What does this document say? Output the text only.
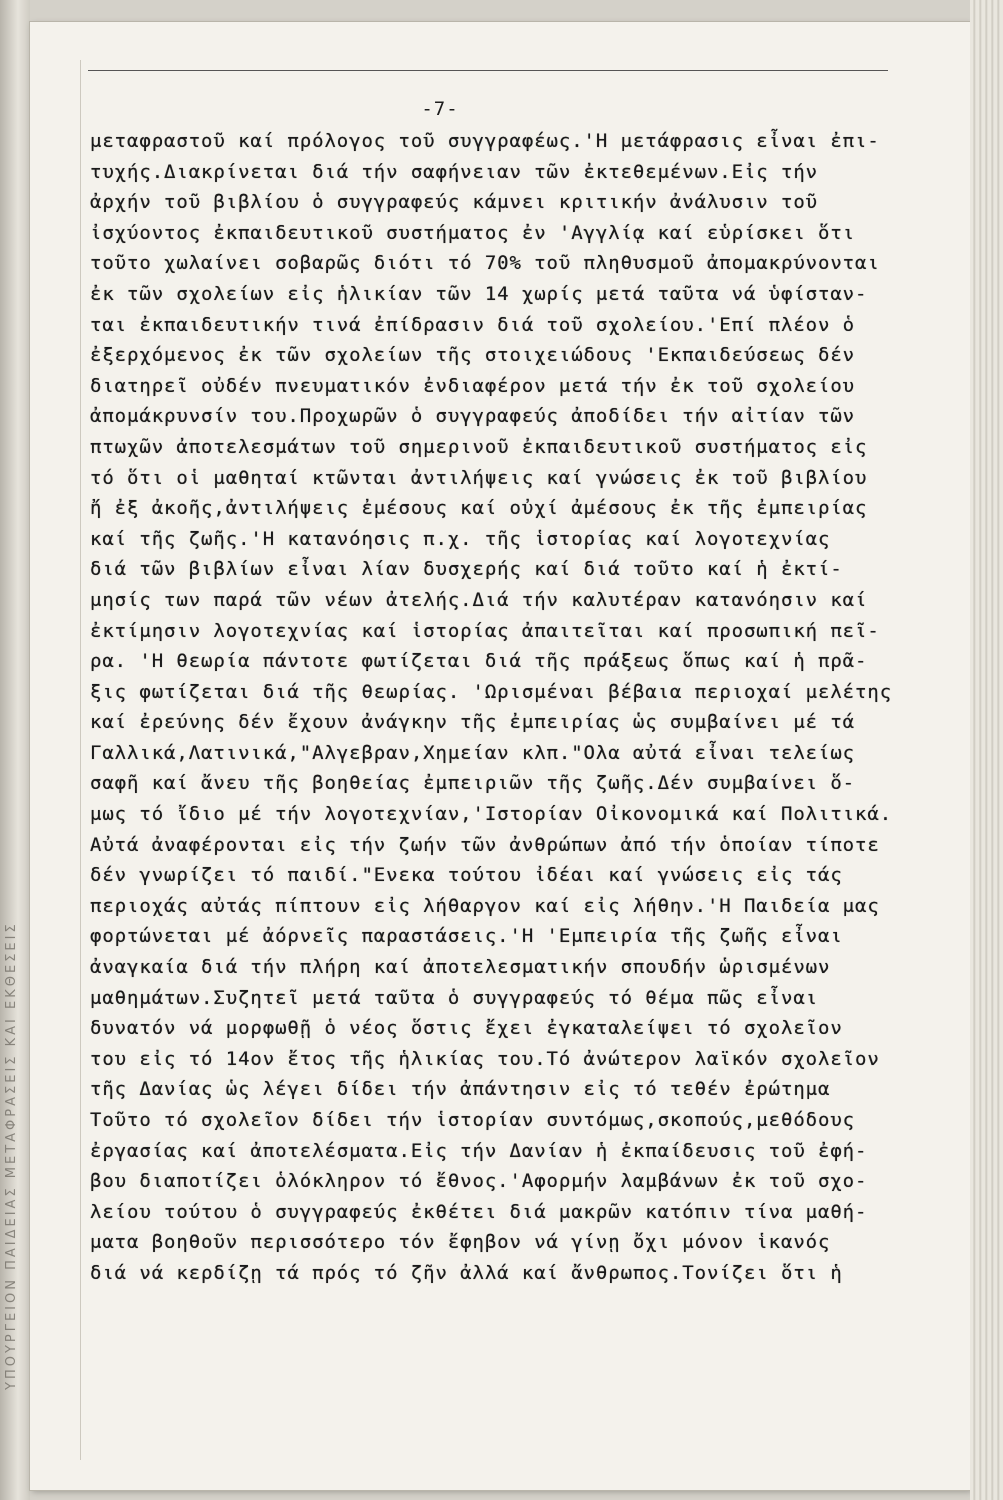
ΥΠΟΥΡΓΕΙΟΝ ΠΑΙΔΕΙΑΣ ΜΕΤΑΦΡΑΣΕΙΣ ΚΑΙ ΕΚΘΕΣΕΙΣ
-7-
μεταφραστοῦ καί πρόλογος τοῦ συγγραφέως.'Η μετάφρασις εἶναι ἐπι-
τυχής.Διακρίνεται διά τήν σαφήνειαν τῶν ἐκτεθεμένων.Εἰς τήν
ἀρχήν τοῦ βιβλίου ὁ συγγραφεύς κάμνει κριτικήν ἀνάλυσιν τοῦ
ἰσχύοντος ἐκπαιδευτικοῦ συστήματος ἐν 'Αγγλίᾳ καί εὑρίσκει ὅτι
τοῦτο χωλαίνει σοβαρῶς διότι τό 70% τοῦ πληθυσμοῦ ἀπομακρύνονται
ἐκ τῶν σχολείων εἰς ἡλικίαν τῶν 14 χωρίς μετά ταῦτα νά ὑφίσταν-
ται ἐκπαιδευτικήν τινά ἐπίδρασιν διά τοῦ σχολείου.'Επί πλέον ὁ
ἐξερχόμενος ἐκ τῶν σχολείων τῆς στοιχειώδους 'Εκπαιδεύσεως δέν
διατηρεῖ οὐδέν πνευματικόν ἐνδιαφέρον μετά τήν ἐκ τοῦ σχολείου
ἀπομάκρυνσίν του.Προχωρῶν ὁ συγγραφεύς ἀποδίδει τήν αἰτίαν τῶν
πτωχῶν ἀποτελεσμάτων τοῦ σημερινοῦ ἐκπαιδευτικοῦ συστήματος εἰς
τό ὅτι οἱ μαθηταί κτῶνται ἀντιλήψεις καί γνώσεις ἐκ τοῦ βιβλίου
ἤ ἐξ ἀκοῆς,ἀντιλήψεις ἐμέσους καί οὐχί ἀμέσους ἐκ τῆς ἐμπειρίας
καί τῆς ζωῆς.'Η κατανόησις π.χ. τῆς ἱστορίας καί λογοτεχνίας
διά τῶν βιβλίων εἶναι λίαν δυσχερής καί διά τοῦτο καί ἡ ἐκτί-
μησίς των παρά τῶν νέων ἀτελής.Διά τήν καλυτέραν κατανόησιν καί
ἐκτίμησιν λογοτεχνίας καί ἱστορίας ἀπαιτεῖται καί προσωπική πεῖ-
ρα. 'Η θεωρία πάντοτε φωτίζεται διά τῆς πράξεως ὅπως καί ἡ πρᾶ-
ξις φωτίζεται διά τῆς θεωρίας. 'Ωρισμέναι βέβαια περιοχαί μελέτης
καί ἐρεύνης δέν ἔχουν ἀνάγκην τῆς ἐμπειρίας ὡς συμβαίνει μέ τά
Γαλλικά,Λατινικά,"Αλγεβραν,Χημείαν κλπ."Ολα αὐτά εἶναι τελείως
σαφῆ καί ἄνευ τῆς βοηθείας ἐμπειριῶν τῆς ζωῆς.Δέν συμβαίνει ὅ-
μως τό ἴδιο μέ τήν λογοτεχνίαν,'Ιστορίαν Οἰκονομικά καί Πολιτικά.
Αὐτά ἀναφέρονται εἰς τήν ζωήν τῶν ἀνθρώπων ἀπό τήν ὁποίαν τίποτε
δέν γνωρίζει τό παιδί."Ενεκα τούτου ἰδέαι καί γνώσεις εἰς τάς
περιοχάς αὐτάς πίπτουν εἰς λήθαργον καί εἰς λήθην.'Η Παιδεία μας
φορτώνεται μέ ἀόρνεῖς παραστάσεις.'Η 'Εμπειρία τῆς ζωῆς εἶναι
ἀναγκαία διά τήν πλήρη καί ἀποτελεσματικήν σπουδήν ὡρισμένων
μαθημάτων.Συζητεῖ μετά ταῦτα ὁ συγγραφεύς τό θέμα πῶς εἶναι
δυνατόν νά μορφωθῇ ὁ νέος ὅστις ἔχει ἐγκαταλείψει τό σχολεῖον
του εἰς τό 14ον ἔτος τῆς ἡλικίας του.Τό ἀνώτερον λαϊκόν σχολεῖον
τῆς Δανίας ὡς λέγει δίδει τήν ἀπάντησιν εἰς τό τεθέν ἐρώτημα
Τοῦτο τό σχολεῖον δίδει τήν ἱστορίαν συντόμως,σκοπούς,μεθόδους
ἐργασίας καί ἀποτελέσματα.Εἰς τήν Δανίαν ἡ ἐκπαίδευσις τοῦ ἐφή-
βου διαποτίζει ὁλόκληρον τό ἔθνος.'Αφορμήν λαμβάνων ἐκ τοῦ σχο-
λείου τούτου ὁ συγγραφεύς ἐκθέτει διά μακρῶν κατόπιν τίνα μαθή-
ματα βοηθοῦν περισσότερο τόν ἔφηβον νά γίνῃ ὄχι μόνον ἱκανός
διά νά κερδίζῃ τά πρός τό ζῆν ἀλλά καί ἄνθρωπος.Τονίζει ὅτι ἡ
